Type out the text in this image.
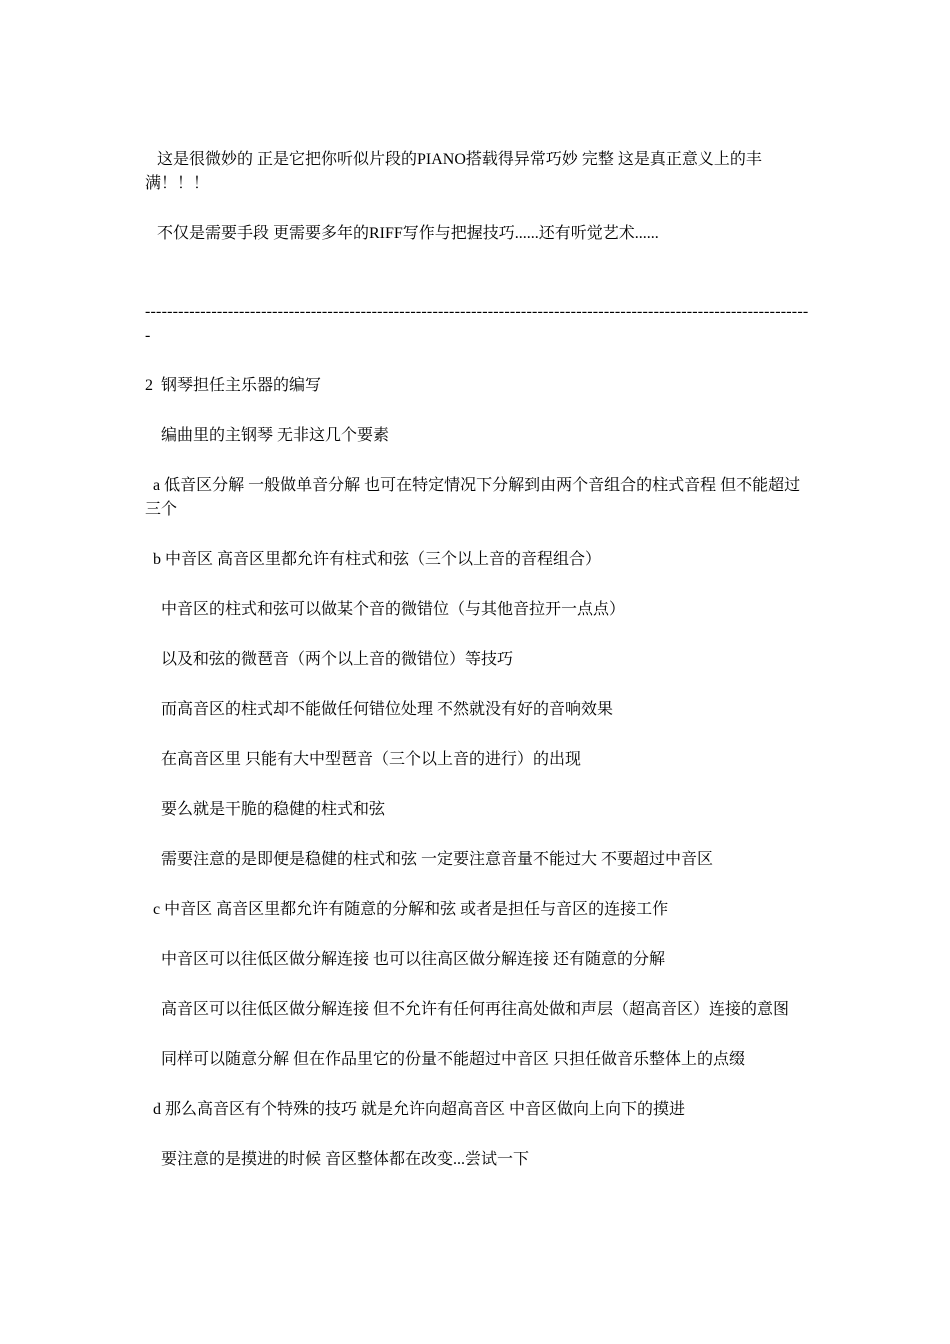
这是很微妙的 正是它把你听似片段的PIANO搭载得异常巧妙 完整 这是真正意义上的丰满！！！

不仅是需要手段 更需要多年的RIFF写作与把握技巧......还有听觉艺术......

-------------------------------------------------------------------------------------------------------------------------

2  钢琴担任主乐器的编写

编曲里的主钢琴 无非这几个要素

a 低音区分解 一般做单音分解 也可在特定情况下分解到由两个音组合的柱式音程 但不能超过三个

b 中音区 高音区里都允许有柱式和弦（三个以上音的音程组合）

中音区的柱式和弦可以做某个音的微错位（与其他音拉开一点点）

以及和弦的微琶音（两个以上音的微错位）等技巧

而高音区的柱式却不能做任何错位处理 不然就没有好的音响效果

在高音区里 只能有大中型琶音（三个以上音的进行）的出现

要么就是干脆的稳健的柱式和弦

需要注意的是即便是稳健的柱式和弦 一定要注意音量不能过大 不要超过中音区

c 中音区 高音区里都允许有随意的分解和弦 或者是担任与音区的连接工作

中音区可以往低区做分解连接 也可以往高区做分解连接 还有随意的分解

高音区可以往低区做分解连接 但不允许有任何再往高处做和声层（超高音区）连接的意图

同样可以随意分解 但在作品里它的份量不能超过中音区 只担任做音乐整体上的点缀

d 那么高音区有个特殊的技巧 就是允许向超高音区 中音区做向上向下的摸进

要注意的是摸进的时候 音区整体都在改变...尝试一下
